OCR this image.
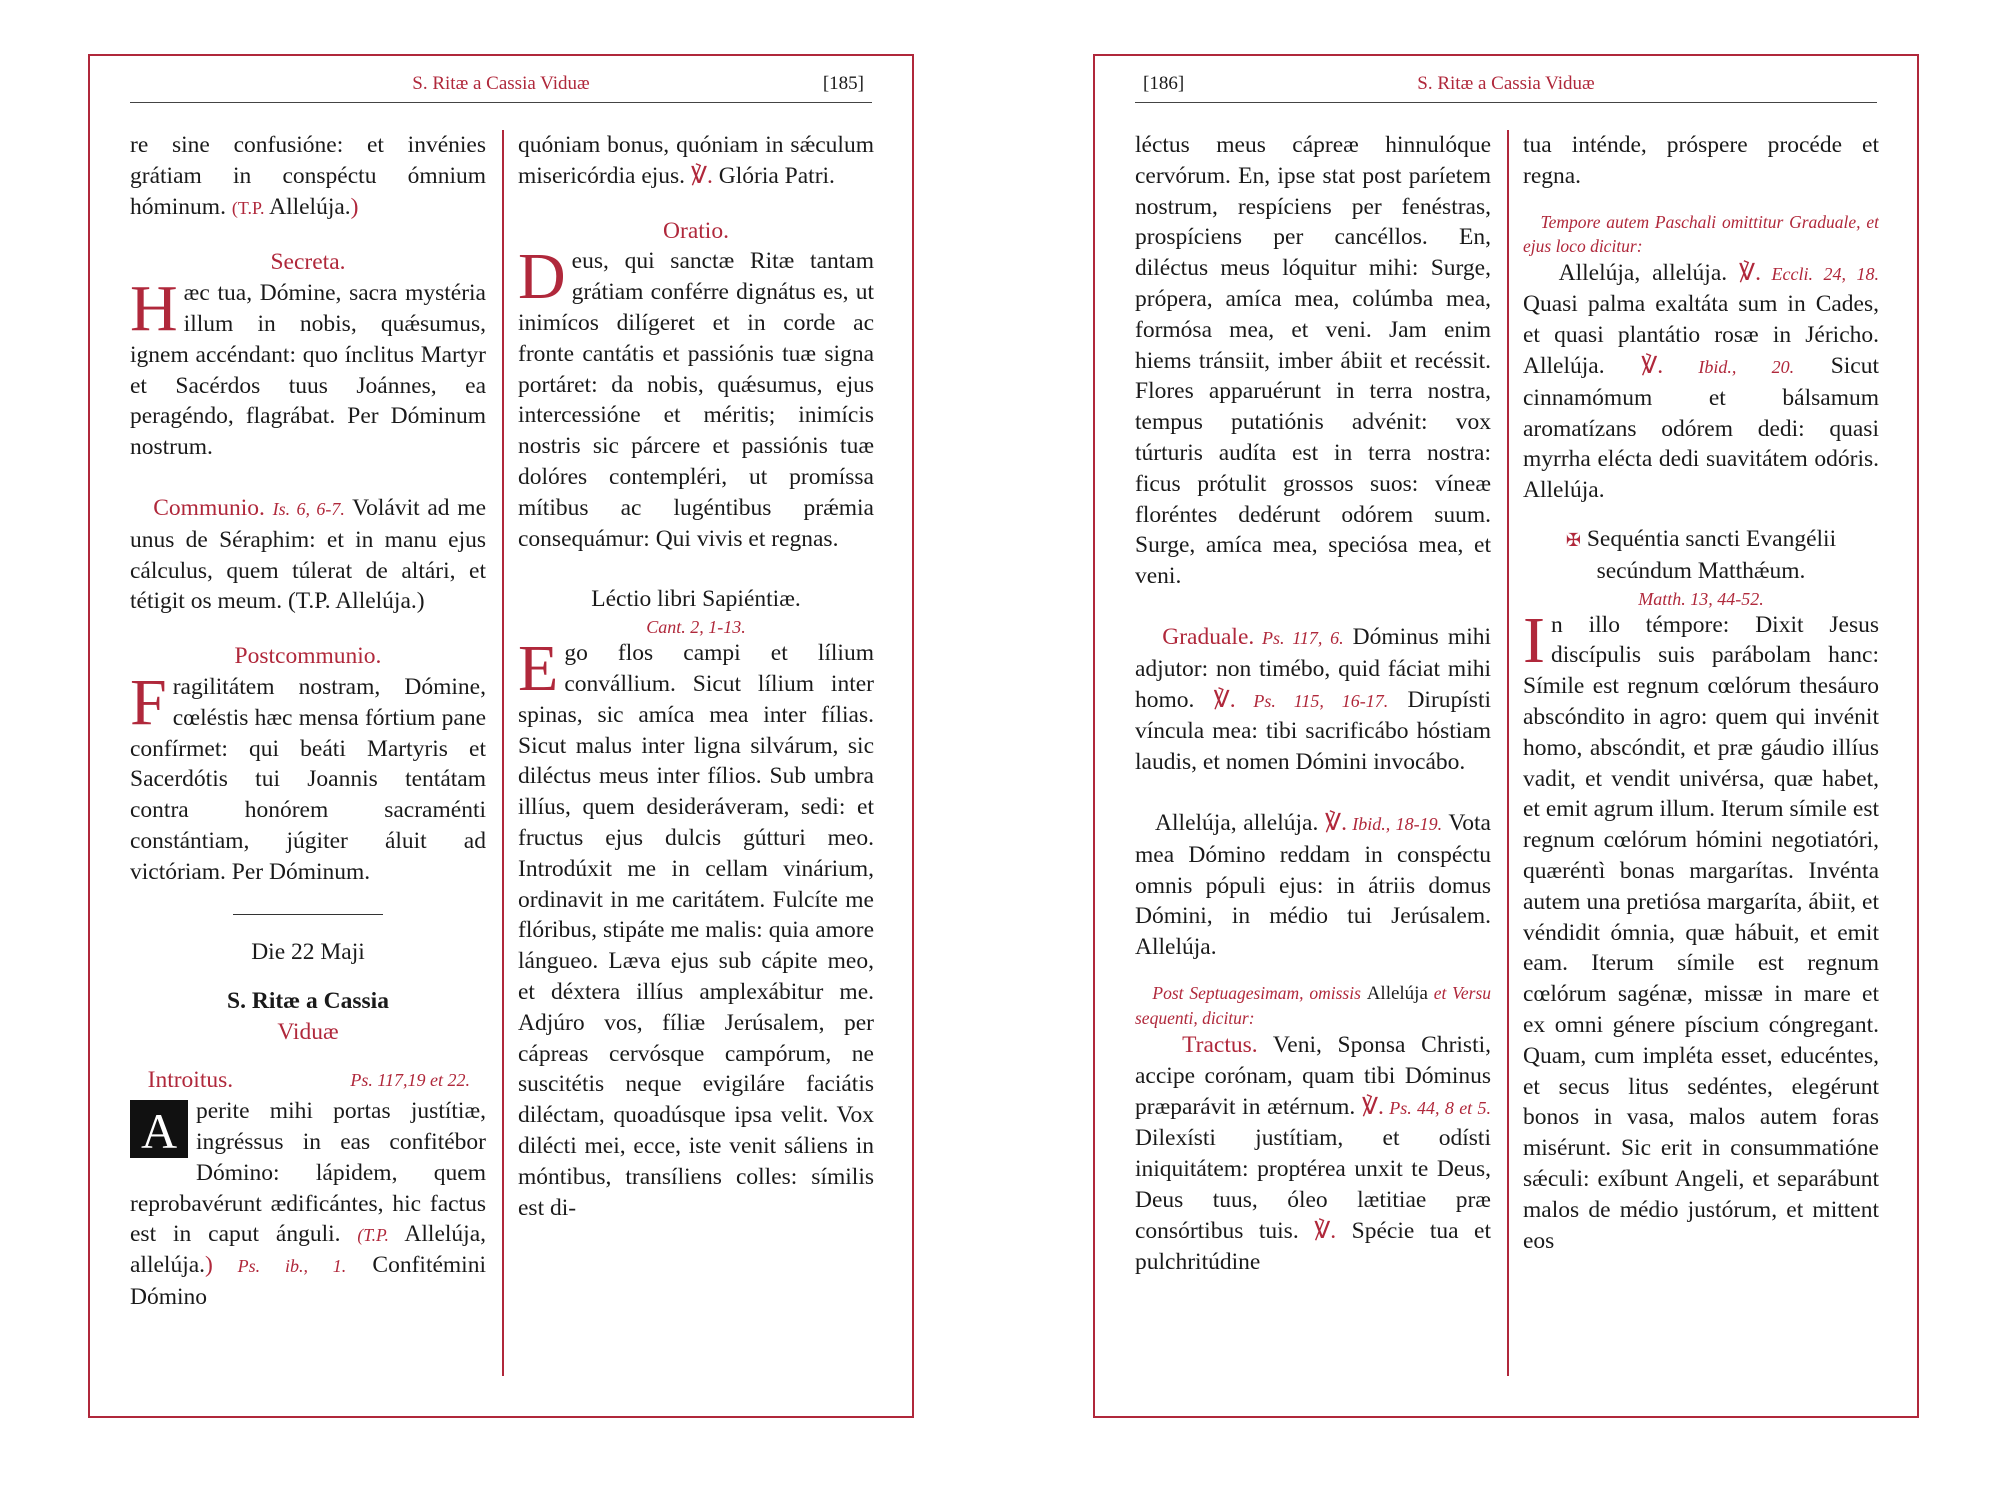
S. Ritæ a Cassia Viduæ	[185]

re sine confusióne: et invénies grátiam in conspéctu ómnium hóminum. (T.P. Allelúja.)

Secreta.

Hæc tua, Dómine, sacra mystéria illum in nobis, quǽsumus, ignem accéndant: quo ínclitus Martyr et Sacérdos tuus Joánnes, ea peragéndo, flagrábat. Per Dóminum nostrum.

Communio. Is. 6, 6-7. Volávit ad me unus de Séraphim: et in manu ejus cálculus, quem túlerat de altári, et tétigit os meum. (T.P. Allelúja.)

Postcommunio.

Fragilitátem nostram, Dómine, cœléstis hæc mensa fórtium pane confírmet: qui beáti Martyris et Sacerdótis tui Joannis tentátam contra honórem sacraménti constántiam, júgiter áluit ad victóriam. Per Dóminum.

Die 22 Maji

S. Ritæ a Cassia

Viduæ

Introitus.	Ps. 117,19 et 22.

A perite mihi portas justítiæ, ingréssus in eas confitébor Dómino: lápidem, quem reprobavérunt ædificántes, hic factus est in caput ánguli. (T.P. Allelúja, allelúja.) Ps. ib., 1. Confitémini Dómino

quóniam bonus, quóniam in sǽculum misericórdia ejus. ℣. Glória Patri.

Oratio.

Deus, qui sanctæ Ritæ tantam grátiam conférre dignátus es, ut inimícos dilígeret et in corde ac fronte cantátis et passiónis tuæ signa portáret: da nobis, quǽsumus, ejus intercessióne et méritis; inimícis nostris sic párcere et passiónis tuæ dolóres contempléri, ut promíssa mítibus ac lugéntibus prǽmia consequámur: Qui vivis et regnas.

Léctio libri Sapiéntiæ.

Cant. 2, 1-13.

Ego flos campi et lílium convállium. Sicut lílium inter spinas, sic amíca mea inter fílias. Sicut malus inter ligna silvárum, sic diléctus meus inter fílios. Sub umbra illíus, quem desideráveram, sedi: et fructus ejus dulcis gútturi meo. Introdúxit me in cellam vinárium, ordinavit in me caritátem. Fulcíte me flóribus, stipáte me malis: quia amore lángueo. Læva ejus sub cápite meo, et déxtera illíus amplexábitur me. Adjúro vos, fíliæ Jerúsalem, per cápreas cervósque campórum, ne suscitétis neque evigiláre faciátis diléctam, quoadúsque ipsa velit. Vox dilécti mei, ecce, iste venit sáliens in móntibus, transíliens colles: símilis est di-

[186]	S. Ritæ a Cassia Viduæ

léctus meus cápreæ hinnulóque cervórum. En, ipse stat post paríetem nostrum, respíciens per fenéstras, prospíciens per cancéllos. En, diléctus meus lóquitur mihi: Surge, própera, amíca mea, colúmba mea, formósa mea, et veni. Jam enim hiems tránsiit, imber ábiit et recéssit. Flores apparuérunt in terra nostra, tempus putatiónis advénit: vox túrturis audíta est in terra nostra: ficus prótulit grossos suos: víneæ floréntes dedérunt odórem suum. Surge, amíca mea, speciósa mea, et veni.

Graduale. Ps. 117, 6. Dóminus mihi adjutor: non timébo, quid fáciat mihi homo. ℣. Ps. 115, 16-17. Dirupísti víncula mea: tibi sacrificábo hóstiam laudis, et nomen Dómini invocábo.

Allelúja, allelúja. ℣. Ibid., 18-19. Vota mea Dómino reddam in conspéctu omnis pópuli ejus: in átriis domus Dómini, in médio tui Jerúsalem. Allelúja.

Post Septuagesimam, omissis Allelúja et Versu sequenti, dicitur:

Tractus. Veni, Sponsa Christi, accipe corónam, quam tibi Dóminus præparávit in ætérnum. ℣. Ps. 44, 8 et 5. Dilexísti justítiam, et odísti iniquitátem: proptérea unxit te Deus, Deus tuus, óleo lætitiae præ consórtibus tuis. ℣. Spécie tua et pulchritúdine

tua inténde, próspere procéde et regna.

Tempore autem Paschali omittitur Graduale, et ejus loco dicitur:

Allelúja, allelúja. ℣. Eccli. 24, 18. Quasi palma exaltáta sum in Cades, et quasi plantátio rosæ in Jéricho. Allelúja. ℣. Ibid., 20. Sicut cinnamómum et bálsamum aromatízans odórem dedi: quasi myrrha elécta dedi suavitátem odóris. Allelúja.

✠ Sequéntia sancti Evangélii secúndum Matthǽum.

Matth. 13, 44-52.

In illo témpore: Dixit Jesus discípulis suis parábolam hanc: Símile est regnum cœlórum thesáuro abscóndito in agro: quem qui invénit homo, abscóndit, et præ gáudio illíus vadit, et vendit univérsa, quæ habet, et emit agrum illum. Iterum símile est regnum cœlórum hómini negotiatóri, quæréntì bonas margarítas. Invénta autem una pretiósa margaríta, ábiit, et véndidit ómnia, quæ hábuit, et emit eam. Iterum símile est regnum cœlórum sagénæ, missæ in mare et ex omni génere píscium cóngregant. Quam, cum impléta esset, educéntes, et secus litus sedéntes, elegérunt bonos in vasa, malos autem foras misérunt. Sic erit in consummatióne sǽculi: exíbunt Angeli, et separábunt malos de médio justórum, et mittent eos
